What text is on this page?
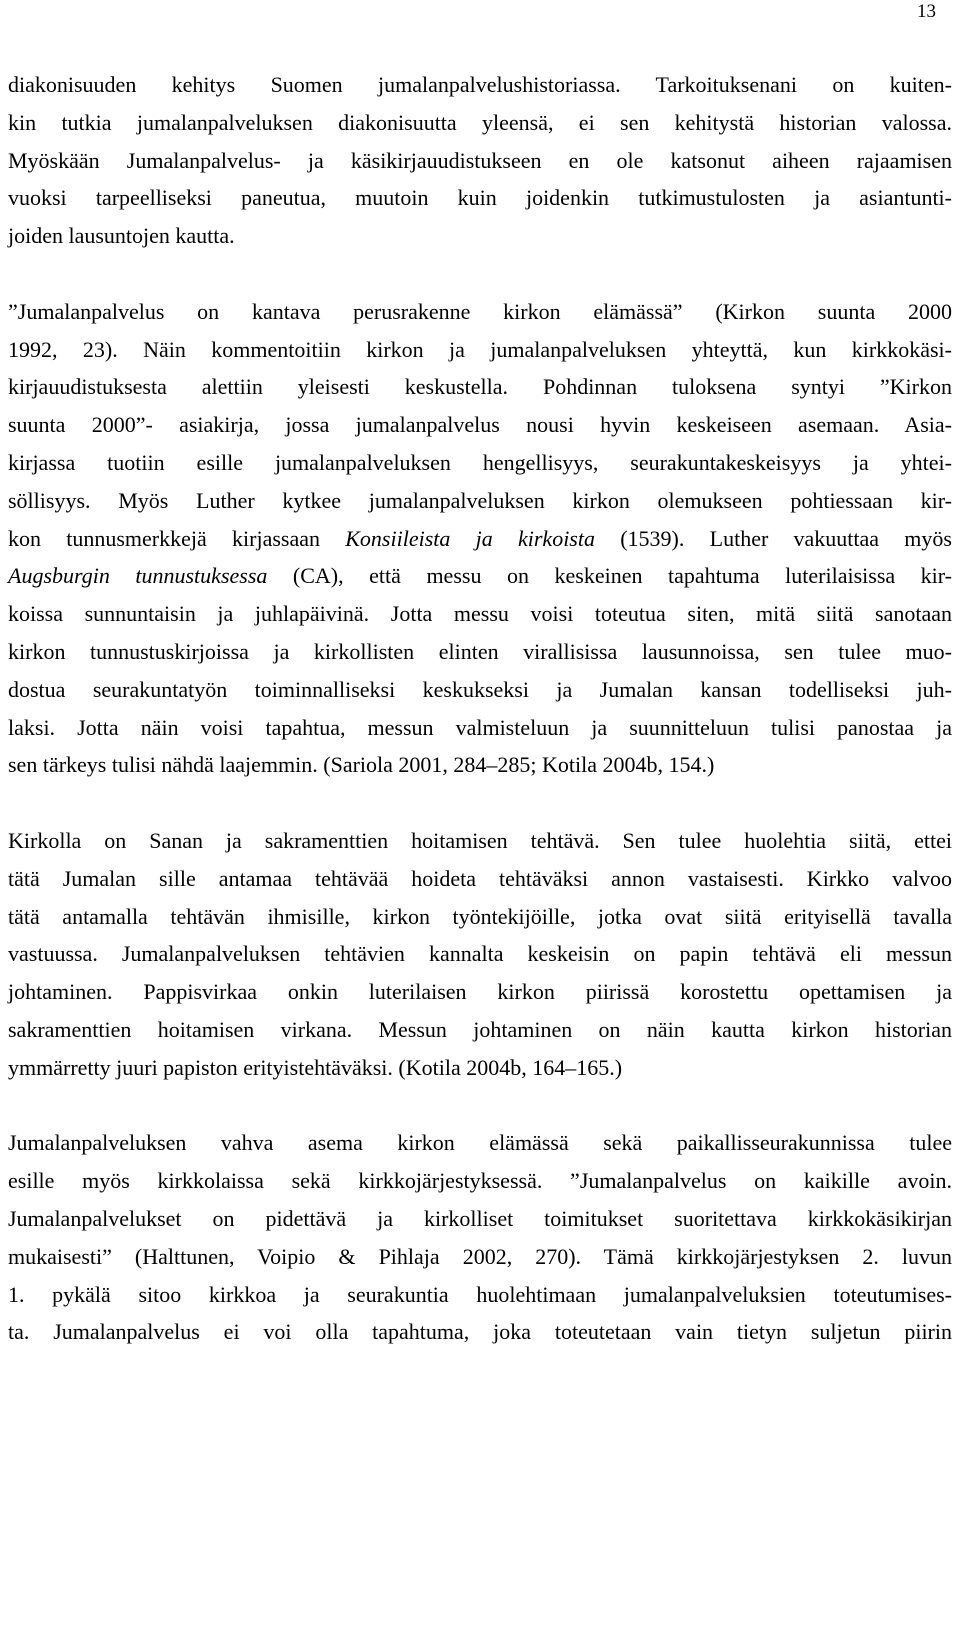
13

diakonisuuden kehitys Suomen jumalanpalvelushistoriassa. Tarkoituksenani on kuiten-
kin tutkia jumalanpalveluksen diakonisuutta yleensä, ei sen kehitystä historian valossa.
Myöskään Jumalanpalvelus- ja käsikirjauudistukseen en ole katsonut aiheen rajaamisen
vuoksi tarpeelliseksi paneutua, muutoin kuin joidenkin tutkimustulosten ja asiantunti-
joiden lausuntojen kautta.

”Jumalanpalvelus on kantava perusrakenne kirkon elämässä” (Kirkon suunta 2000
1992, 23). Näin kommentoitiin kirkon ja jumalanpalveluksen yhteyttä, kun kirkkokäsi-
kirjauudistuksesta alettiin yleisesti keskustella. Pohdinnan tuloksena syntyi ”Kirkon
suunta 2000”- asiakirja, jossa jumalanpalvelus nousi hyvin keskeiseen asemaan. Asia-
kirjassa tuotiin esille jumalanpalveluksen hengellisyys, seurakuntakeskeisyys ja yhtei-
söllisyys. Myös Luther kytkee jumalanpalveluksen kirkon olemukseen pohtiessaan kir-
kon tunnusmerkkejä kirjassaan Konsiileista ja kirkoista (1539). Luther vakuuttaa myös
Augsburgin tunnustuksessa (CA), että messu on keskeinen tapahtuma luterilaisissa kir-
koissa sunnuntaisin ja juhlapäivinä. Jotta messu voisi toteutua siten, mitä siitä sanotaan
kirkon tunnustuskirjoissa ja kirkollisten elinten virallisissa lausunnoissa, sen tulee muo-
dostua seurakuntatyön toiminnalliseksi keskukseksi ja Jumalan kansan todelliseksi juh-
laksi. Jotta näin voisi tapahtua, messun valmisteluun ja suunnitteluun tulisi panostaa ja
sen tärkeys tulisi nähdä laajemmin. (Sariola 2001, 284–285; Kotila 2004b, 154.)

Kirkolla on Sanan ja sakramenttien hoitamisen tehtävä. Sen tulee huolehtia siitä, ettei
tätä Jumalan sille antamaa tehtävää hoideta tehtäväksi annon vastaisesti. Kirkko valvoo
tätä antamalla tehtävän ihmisille, kirkon työntekijöille, jotka ovat siitä erityisellä tavalla
vastuussa. Jumalanpalveluksen tehtävien kannalta keskeisin on papin tehtävä eli messun
johtaminen. Pappisvirkaa onkin luterilaisen kirkon piirissä korostettu opettamisen ja
sakramenttien hoitamisen virkana. Messun johtaminen on näin kautta kirkon historian
ymmärretty juuri papiston erityistehtäväksi. (Kotila 2004b, 164–165.)

Jumalanpalveluksen vahva asema kirkon elämässä sekä paikallisseurakunnissa tulee
esille myös kirkkolaissa sekä kirkkojärjestyksessä. ”Jumalanpalvelus on kaikille avoin.
Jumalanpalvelukset on pidettävä ja kirkolliset toimitukset suoritettava kirkkokäsikirjan
mukaisesti” (Halttunen, Voipio & Pihlaja 2002, 270). Tämä kirkkojärjestyksen 2. luvun
1. pykälä sitoo kirkkoa ja seurakuntia huolehtimaan jumalanpalveluksien toteutumises-
ta. Jumalanpalvelus ei voi olla tapahtuma, joka toteutetaan vain tietyn suljetun piirin
